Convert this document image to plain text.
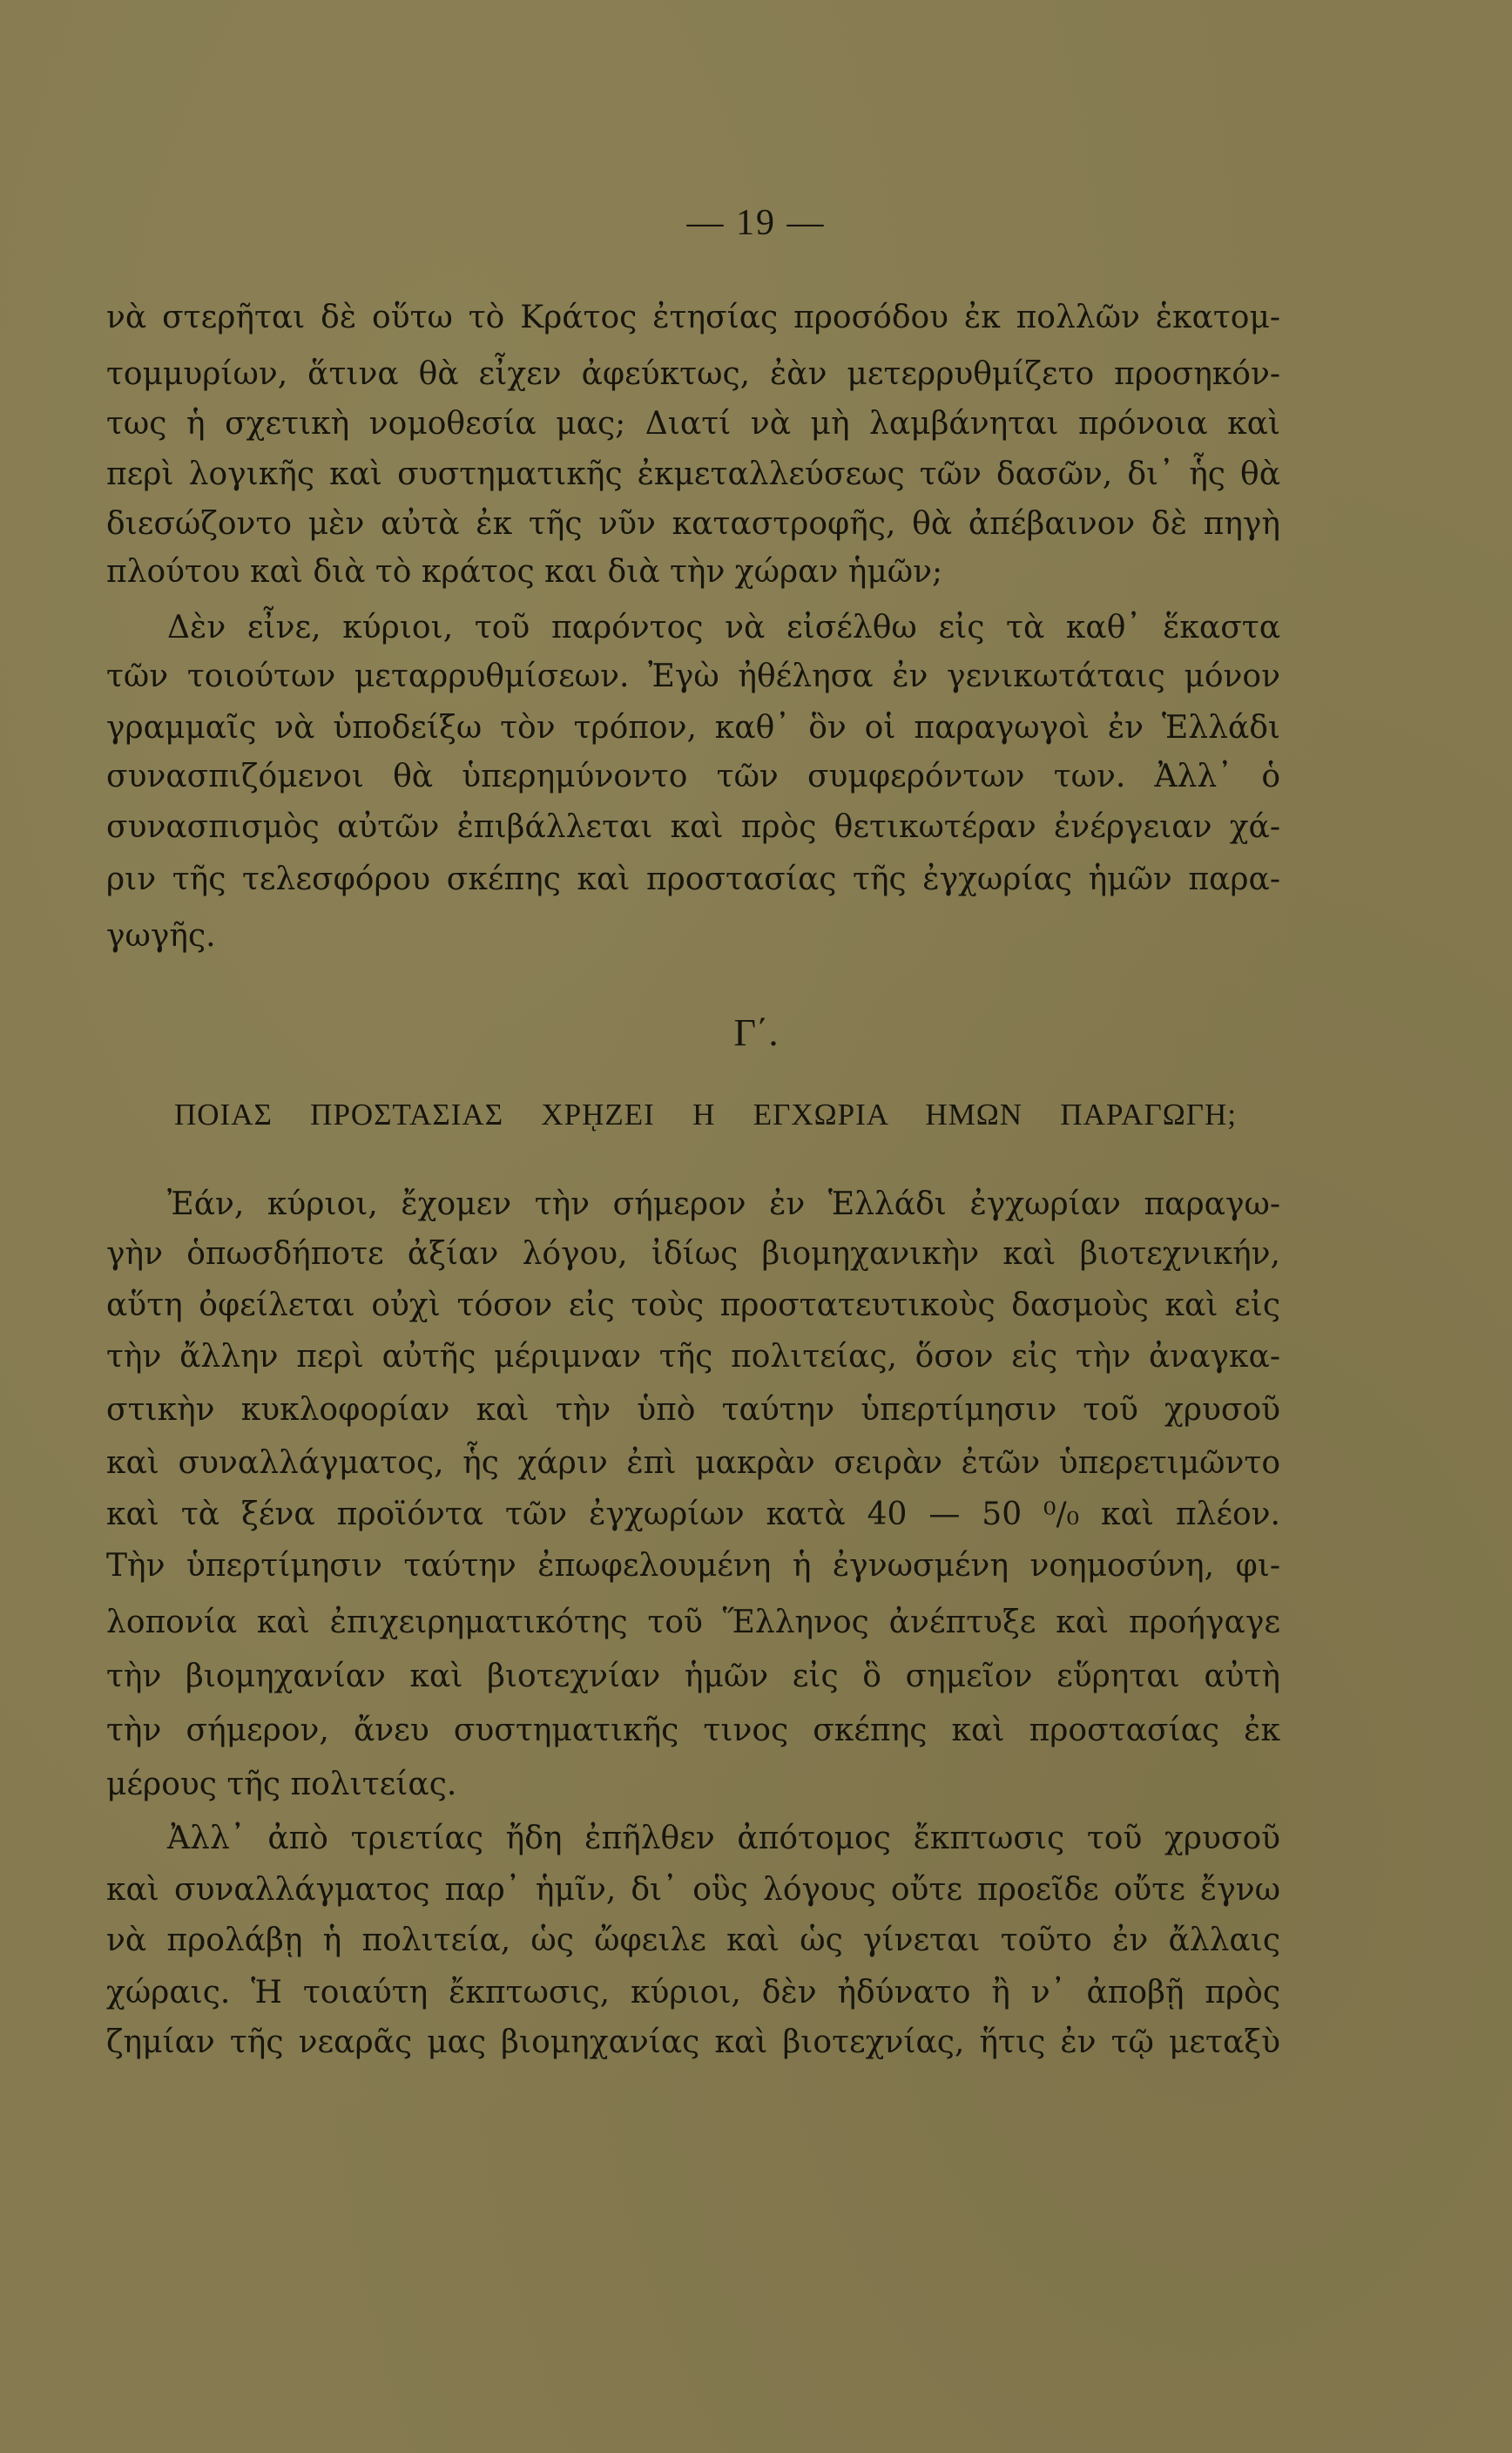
— 19 —
νὰ στερῆται δὲ οὕτω τὸ Κράτος ἐτησίας προσόδου ἐκ πολλῶν ἑκατομ-
τομμυρίων, ἅτινα θὰ εἶχεν ἀφεύκτως, ἐὰν μετερρυθμίζετο προσηκόν-
τως ἡ σχετικὴ νομοθεσία μας; Διατί νὰ μὴ λαμβάνηται πρόνοια καὶ
περὶ λογικῆς καὶ συστηματικῆς ἐκμεταλλεύσεως τῶν δασῶν, δι᾽ ἧς θὰ
διεσώζοντο μὲν αὐτὰ ἐκ τῆς νῦν καταστροφῆς, θὰ ἀπέβαινον δὲ πηγὴ
πλούτου καὶ διὰ τὸ κράτος και διὰ τὴν χώραν ἡμῶν;
Δὲν εἶνε, κύριοι, τοῦ παρόντος νὰ εἰσέλθω εἰς τὰ καθ᾽ ἕκαστα
τῶν τοιούτων μεταρρυθμίσεων. Ἐγὼ ἠθέλησα ἐν γενικωτάταις μόνον
γραμμαῖς νὰ ὑποδείξω τὸν τρόπον, καθ᾽ ὃν οἱ παραγωγοὶ ἐν Ἑλλάδι
συνασπιζόμενοι θὰ ὑπερημύνοντο τῶν συμφερόντων των. Ἀλλ᾽ ὁ
συνασπισμὸς αὐτῶν ἐπιβάλλεται καὶ πρὸς θετικωτέραν ἐνέργειαν χά-
ριν τῆς τελεσφόρου σκέπης καὶ προστασίας τῆς ἐγχωρίας ἡμῶν παρα-
γωγῆς.
Γ΄.
ΠΟΙΑΣ ΠΡΟΣΤΑΣΙΑΣ ΧΡῌΖΕΙ Η ΕΓΧΩΡΙΑ ΗΜΩΝ ΠΑΡΑΓΩΓΗ;
Ἐάν, κύριοι, ἔχομεν τὴν σήμερον ἐν Ἑλλάδι ἐγχωρίαν παραγω-
γὴν ὁπωσδήποτε ἀξίαν λόγου, ἰδίως βιομηχανικὴν καὶ βιοτεχνικήν,
αὕτη ὀφείλεται οὐχὶ τόσον εἰς τοὺς προστατευτικοὺς δασμοὺς καὶ εἰς
τὴν ἄλλην περὶ αὐτῆς μέριμναν τῆς πολιτείας, ὅσον εἰς τὴν ἀναγκα-
στικὴν κυκλοφορίαν καὶ τὴν ὑπὸ ταύτην ὑπερτίμησιν τοῦ χρυσοῦ
καὶ συναλλάγματος, ἧς χάριν ἐπὶ μακρὰν σειρὰν ἐτῶν ὑπερετιμῶντο
καὶ τὰ ξένα προϊόντα τῶν ἐγχωρίων κατὰ 40 — 50 ⁰/₀ καὶ πλέον.
Τὴν ὑπερτίμησιν ταύτην ἐπωφελουμένη ἡ ἐγνωσμένη νοημοσύνη, φι-
λοπονία καὶ ἐπιχειρηματικότης τοῦ Ἕλληνος ἀνέπτυξε καὶ προήγαγε
τὴν βιομηχανίαν καὶ βιοτεχνίαν ἡμῶν εἰς ὃ σημεῖον εὕρηται αὐτὴ
τὴν σήμερον, ἄνευ συστηματικῆς τινος σκέπης καὶ προστασίας ἐκ
μέρους τῆς πολιτείας.
Ἀλλ᾽ ἀπὸ τριετίας ἤδη ἐπῆλθεν ἀπότομος ἔκπτωσις τοῦ χρυσοῦ
καὶ συναλλάγματος παρ᾽ ἡμῖν, δι᾽ οὓς λόγους οὔτε προεῖδε οὔτε ἔγνω
νὰ προλάβῃ ἡ πολιτεία, ὡς ὤφειλε καὶ ὡς γίνεται τοῦτο ἐν ἄλλαις
χώραις. Ἡ τοιαύτη ἔκπτωσις, κύριοι, δὲν ἠδύνατο ἢ ν᾽ ἀποβῇ πρὸς
ζημίαν τῆς νεαρᾶς μας βιομηχανίας καὶ βιοτεχνίας, ἥτις ἐν τῷ μεταξὺ
